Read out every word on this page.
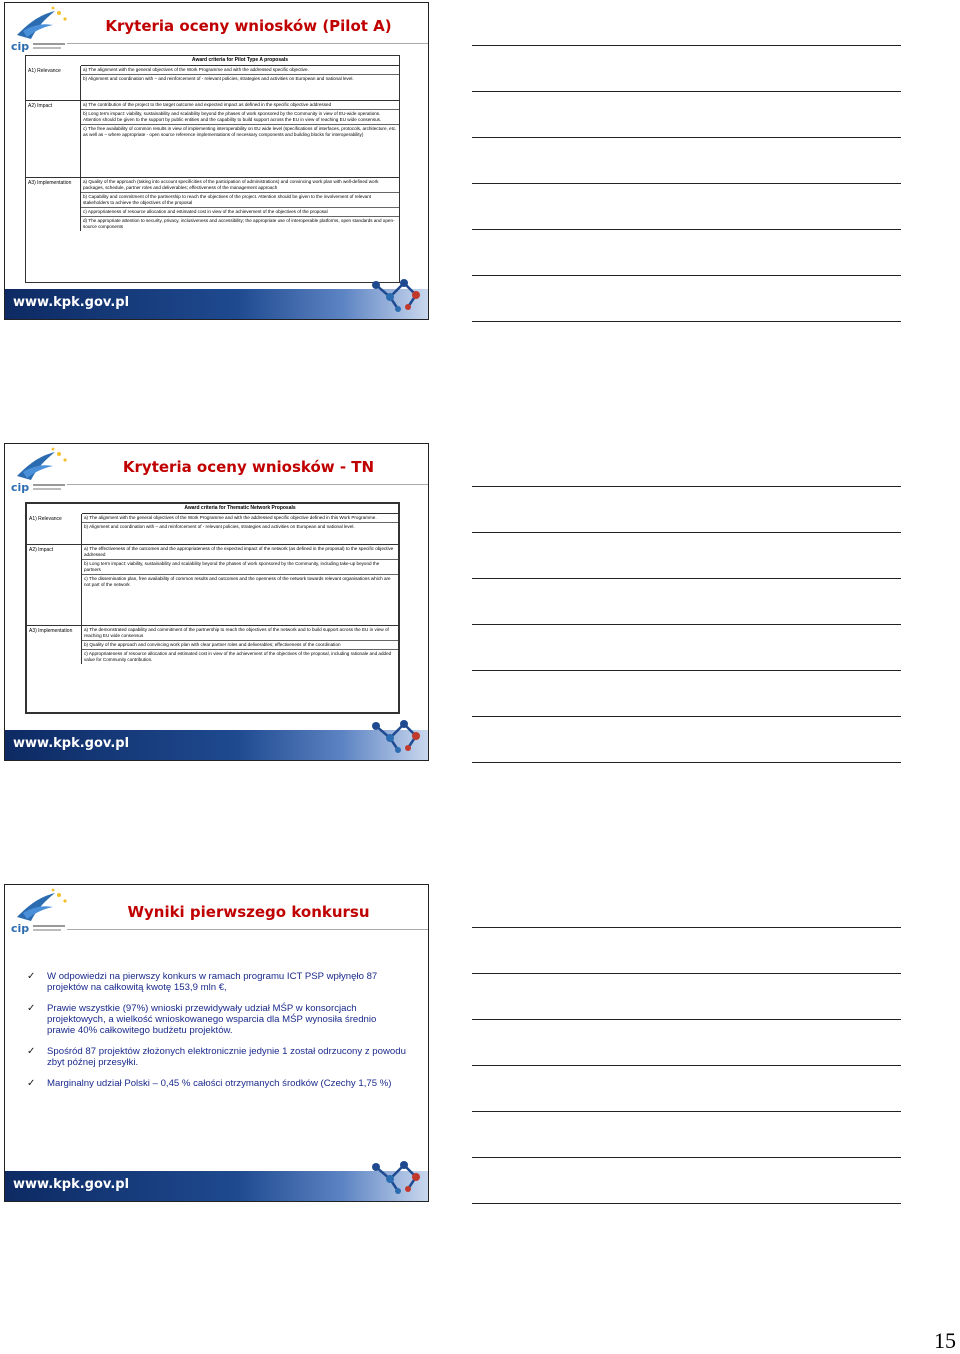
cip
Kryteria oceny wniosków (Pilot A)
Award criteria for Pilot Type A proposals
A1) Relevance	a) The alignment with the general objectives of the Work Programme and with the addressed specific objective.
b) Alignment and coordination with – and reinforcement of - relevant policies, strategies and activities on European and national level.
A2) Impact	a) The contribution of the project to the target outcome and expected impact as defined in the specific objective addressed
b) Long term impact: viability, sustainability and scalability beyond the phases of work sponsored by the Community in view of EU-wide operations. Attention should be given to the support by public entities and the capability to build support across the EU in view of reaching EU wide consensus.
c) The free availability of common results in view of implementing interoperability on EU wide level (specifications of interfaces, protocols, architecture, etc. as well as – where appropriate - open source reference implementations of necessary components and building blocks for interoperability)
A3) Implementation	a) Quality of the approach (taking into account specificities of the participation of administrations) and convincing work plan with well-defined work packages, schedule, partner roles and deliverables; effectiveness of the management approach
b) Capability and commitment of the partnership to reach the objectives of the project. Attention should be given to the involvement of relevant stakeholders to achieve the objectives of the proposal
c) Appropriateness of resource allocation and estimated cost in view of the achievement of the objectives of the proposal
d) The appropriate attention to security, privacy, inclusiveness and accessibility; the appropriate use of interoperable platforms, open standards and open-source components
www.kpk.gov.pl
cip
Kryteria oceny wniosków - TN
Award criteria for Thematic Network Proposals
A1) Relevance	a) The alignment with the general objectives of the Work Programme and with the addressed specific objective defined in this Work Programme.
b) Alignment and coordination with – and reinforcement of - relevant policies, strategies and activities on European and national level.
A2) Impact	a) The effectiveness of the outcomes and the appropriateness of the expected impact of the network (as defined in the proposal) to the specific objective addressed
b) Long term impact: viability, sustainability and scalability beyond the phases of work sponsored by the Community, including take-up beyond the partners
c) The dissemination plan, free availability of common results and outcomes and the openness of the network towards relevant organisations which are not part of the network
A3) Implementation	a) The demonstrated capability and commitment of the partnership to reach the objectives of the network and to build support across the EU in view of reaching EU wide consensus
b) Quality of the approach and convincing work plan with clear partner roles and deliverables; effectiveness of the coordination
c) Appropriateness of resource allocation and estimated cost in view of the achievement of the objectives of the proposal, including rationale and added value for Community contribution.
www.kpk.gov.pl
cip
Wyniki pierwszego konkursu
✓ W odpowiedzi na pierwszy konkurs w ramach programu ICT PSP wpłynęło 87 projektów na całkowitą kwotę 153,9 mln €,
✓ Prawie wszystkie (97%) wnioski przewidywały udział MŚP w konsorcjach projektowych, a wielkość wnioskowanego wsparcia dla MŚP wynosiła średnio prawie 40% całkowitego budżetu projektów.
✓ Spośród 87 projektów złożonych elektronicznie jedynie 1 został odrzucony z powodu zbyt późnej przesyłki.
✓ Marginalny udział Polski – 0,45 % całości otrzymanych środków (Czechy 1,75 %)
www.kpk.gov.pl
15
